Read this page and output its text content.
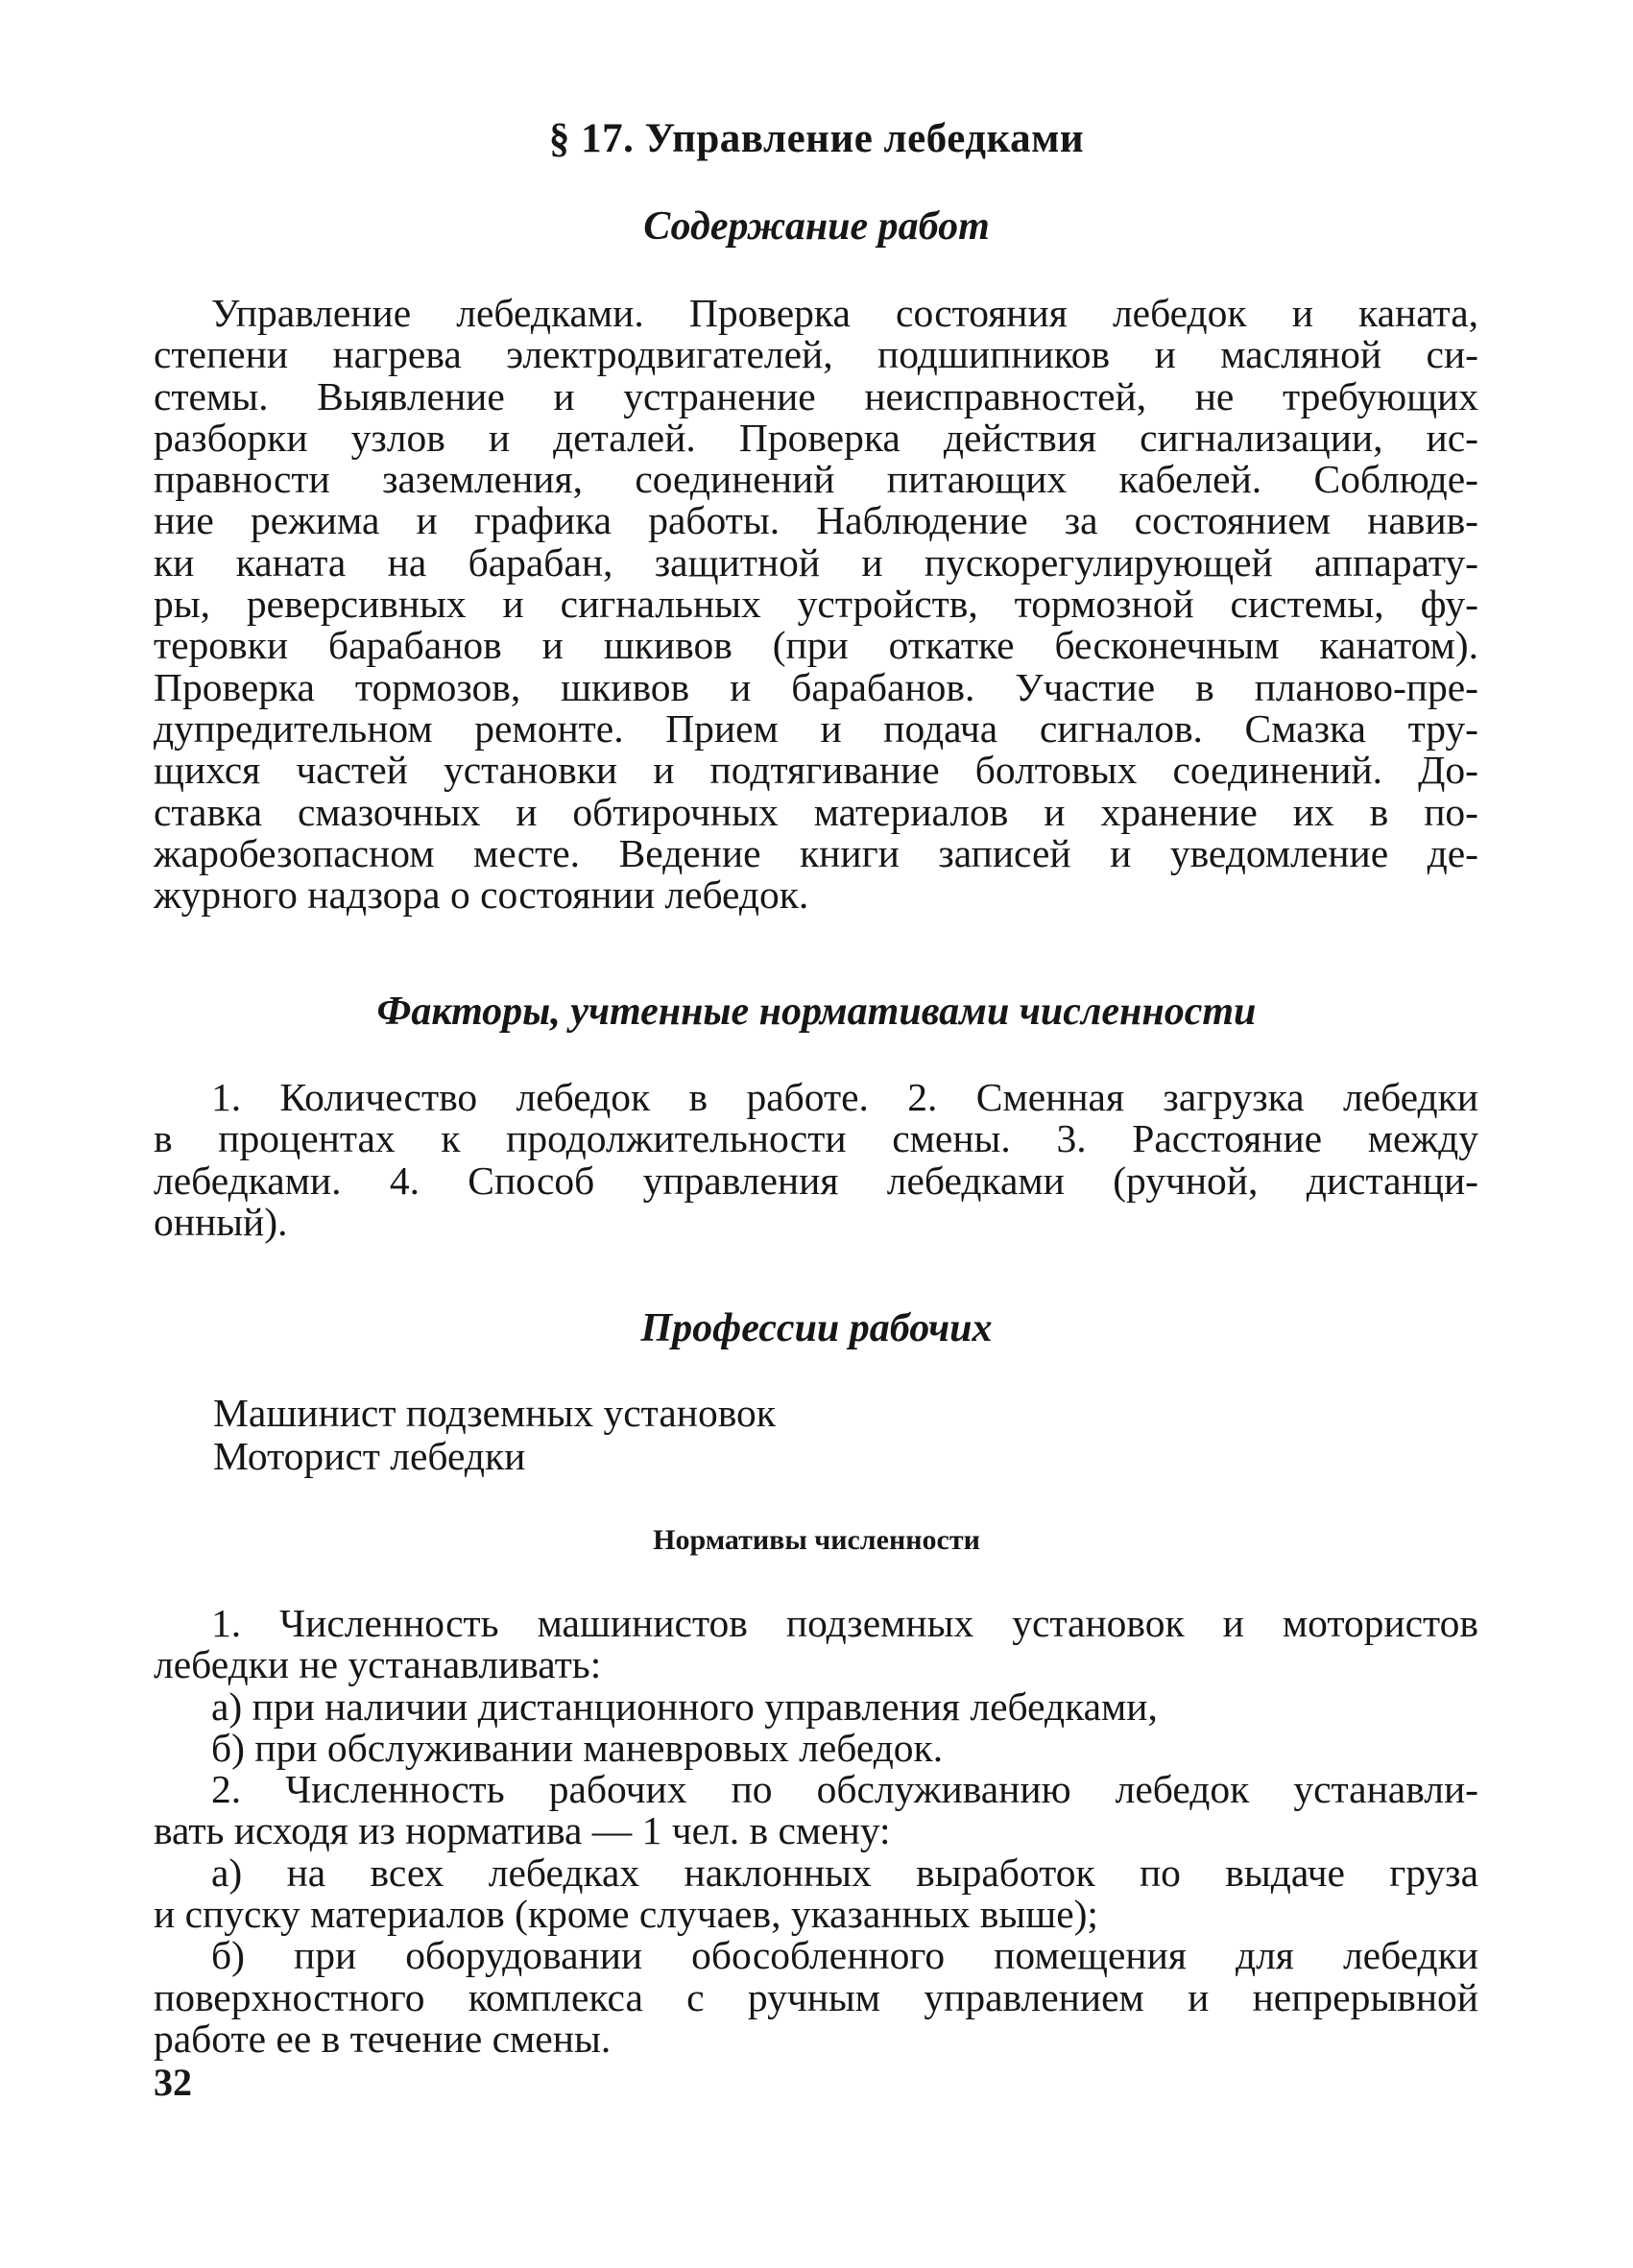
§ 17. Управление лебедками
Содержание работ
Управление лебедками. Проверка состояния лебедок и каната,
степени нагрева электродвигателей, подшипников и масляной си-
стемы. Выявление и устранение неисправностей, не требующих
разборки узлов и деталей. Проверка действия сигнализации, ис-
правности заземления, соединений питающих кабелей. Соблюде-
ние режима и графика работы. Наблюдение за состоянием навив-
ки каната на барабан, защитной и пускорегулирующей аппарату-
ры, реверсивных и сигнальных устройств, тормозной системы, фу-
теровки барабанов и шкивов (при откатке бесконечным канатом).
Проверка тормозов, шкивов и барабанов. Участие в планово-пре-
дупредительном ремонте. Прием и подача сигналов. Смазка тру-
щихся частей установки и подтягивание болтовых соединений. До-
ставка смазочных и обтирочных материалов и хранение их в по-
жаробезопасном месте. Ведение книги записей и уведомление де-
журного надзора о состоянии лебедок.
Факторы, учтенные нормативами численности
1. Количество лебедок в работе. 2. Сменная загрузка лебедки
в процентах к продолжительности смены. 3. Расстояние между
лебедками. 4. Способ управления лебедками (ручной, дистанци-
онный).
Профессии рабочих
Машинист подземных установок
Моторист лебедки
Нормативы численности
1. Численность машинистов подземных установок и мотористов
лебедки не устанавливать:
а) при наличии дистанционного управления лебедками,
б) при обслуживании маневровых лебедок.
2. Численность рабочих по обслуживанию лебедок устанавли-
вать исходя из норматива — 1 чел. в смену:
а) на всех лебедках наклонных выработок по выдаче груза
и спуску материалов (кроме случаев, указанных выше);
б) при оборудовании обособленного помещения для лебедки
поверхностного комплекса с ручным управлением и непрерывной
работе ее в течение смены.
32
